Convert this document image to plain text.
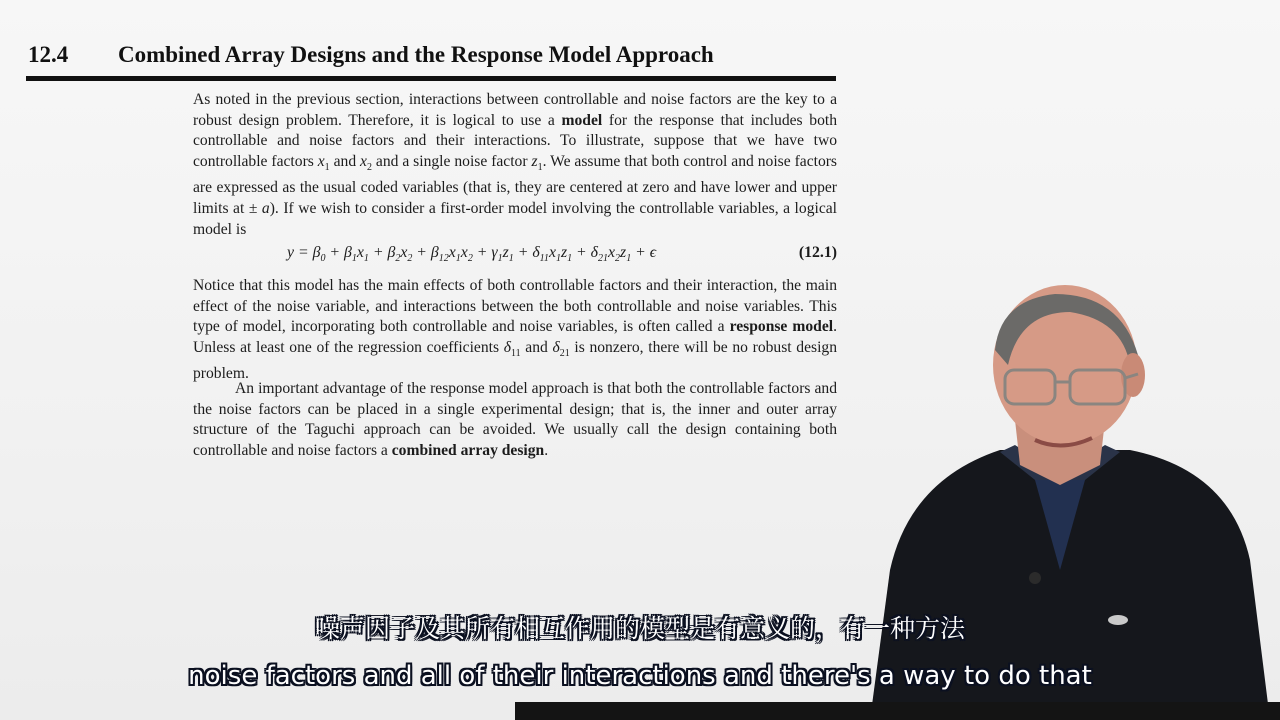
12.4 Combined Array Designs and the Response Model Approach

As noted in the previous section, interactions between controllable and noise factors are the key to a robust design problem. Therefore, it is logical to use a model for the response that includes both controllable and noise factors and their interactions. To illustrate, suppose that we have two controllable factors $x_1$ and $x_2$ and a single noise factor $z_1$. We assume that both control and noise factors are expressed as the usual coded variables (that is, they are centered at zero and have lower and upper limits at ± a). If we wish to consider a first-order model involving the controllable variables, a logical model is

$y = \beta_0 + \beta_1x_1 + \beta_2x_2 + \beta_{12}x_1x_2 + \gamma_1z_1 + \delta_{11}x_1z_1 + \delta_{21}x_2z_1 + \epsilon$	(12.1)

Notice that this model has the main effects of both controllable factors and their interaction, the main effect of the noise variable, and interactions between the both controllable and noise variables. This type of model, incorporating both controllable and noise variables, is often called a response model. Unless at least one of the regression coefficients $\delta_{11}$ and $\delta_{21}$ is nonzero, there will be no robust design problem.

An important advantage of the response model approach is that both the controllable factors and the noise factors can be placed in a single experimental design; that is, the inner and outer array structure of the Taguchi approach can be avoided. We usually call the design containing both controllable and noise factors a combined array design.

噪声因子及其所有相互作用的模型是有意义的，有一种方法
noise factors and all of their interactions and there's a way to do that
